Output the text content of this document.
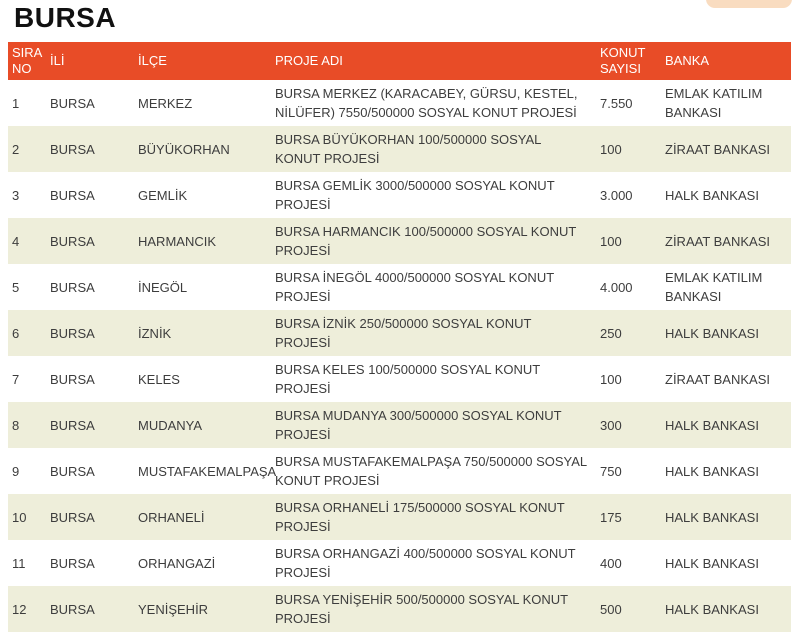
BURSA
SIRA NO	İLİ	İLÇE	PROJE ADI	KONUT SAYISI	BANKA
1	BURSA	MERKEZ	BURSA MERKEZ (KARACABEY, GÜRSU, KESTEL, NİLÜFER) 7550/500000 SOSYAL KONUT PROJESİ	7.550	EMLAK KATILIM BANKASI
2	BURSA	BÜYÜKORHAN	BURSA BÜYÜKORHAN 100/500000 SOSYAL KONUT PROJESİ	100	ZİRAAT BANKASI
3	BURSA	GEMLİK	BURSA GEMLİK 3000/500000 SOSYAL KONUT PROJESİ	3.000	HALK BANKASI
4	BURSA	HARMANCIK	BURSA HARMANCIK 100/500000 SOSYAL KONUT PROJESİ	100	ZİRAAT BANKASI
5	BURSA	İNEGÖL	BURSA İNEGÖL 4000/500000 SOSYAL KONUT PROJESİ	4.000	EMLAK KATILIM BANKASI
6	BURSA	İZNİK	BURSA İZNİK 250/500000 SOSYAL KONUT PROJESİ	250	HALK BANKASI
7	BURSA	KELES	BURSA KELES 100/500000 SOSYAL KONUT PROJESİ	100	ZİRAAT BANKASI
8	BURSA	MUDANYA	BURSA MUDANYA 300/500000 SOSYAL KONUT PROJESİ	300	HALK BANKASI
9	BURSA	MUSTAFAKEMALPAŞA	BURSA MUSTAFAKEMALPAŞA 750/500000 SOSYAL KONUT PROJESİ	750	HALK BANKASI
10	BURSA	ORHANELİ	BURSA ORHANELİ 175/500000 SOSYAL KONUT PROJESİ	175	HALK BANKASI
11	BURSA	ORHANGAZİ	BURSA ORHANGAZİ 400/500000 SOSYAL KONUT PROJESİ	400	HALK BANKASI
12	BURSA	YENİŞEHİR	BURSA YENİŞEHİR 500/500000 SOSYAL KONUT PROJESİ	500	HALK BANKASI
